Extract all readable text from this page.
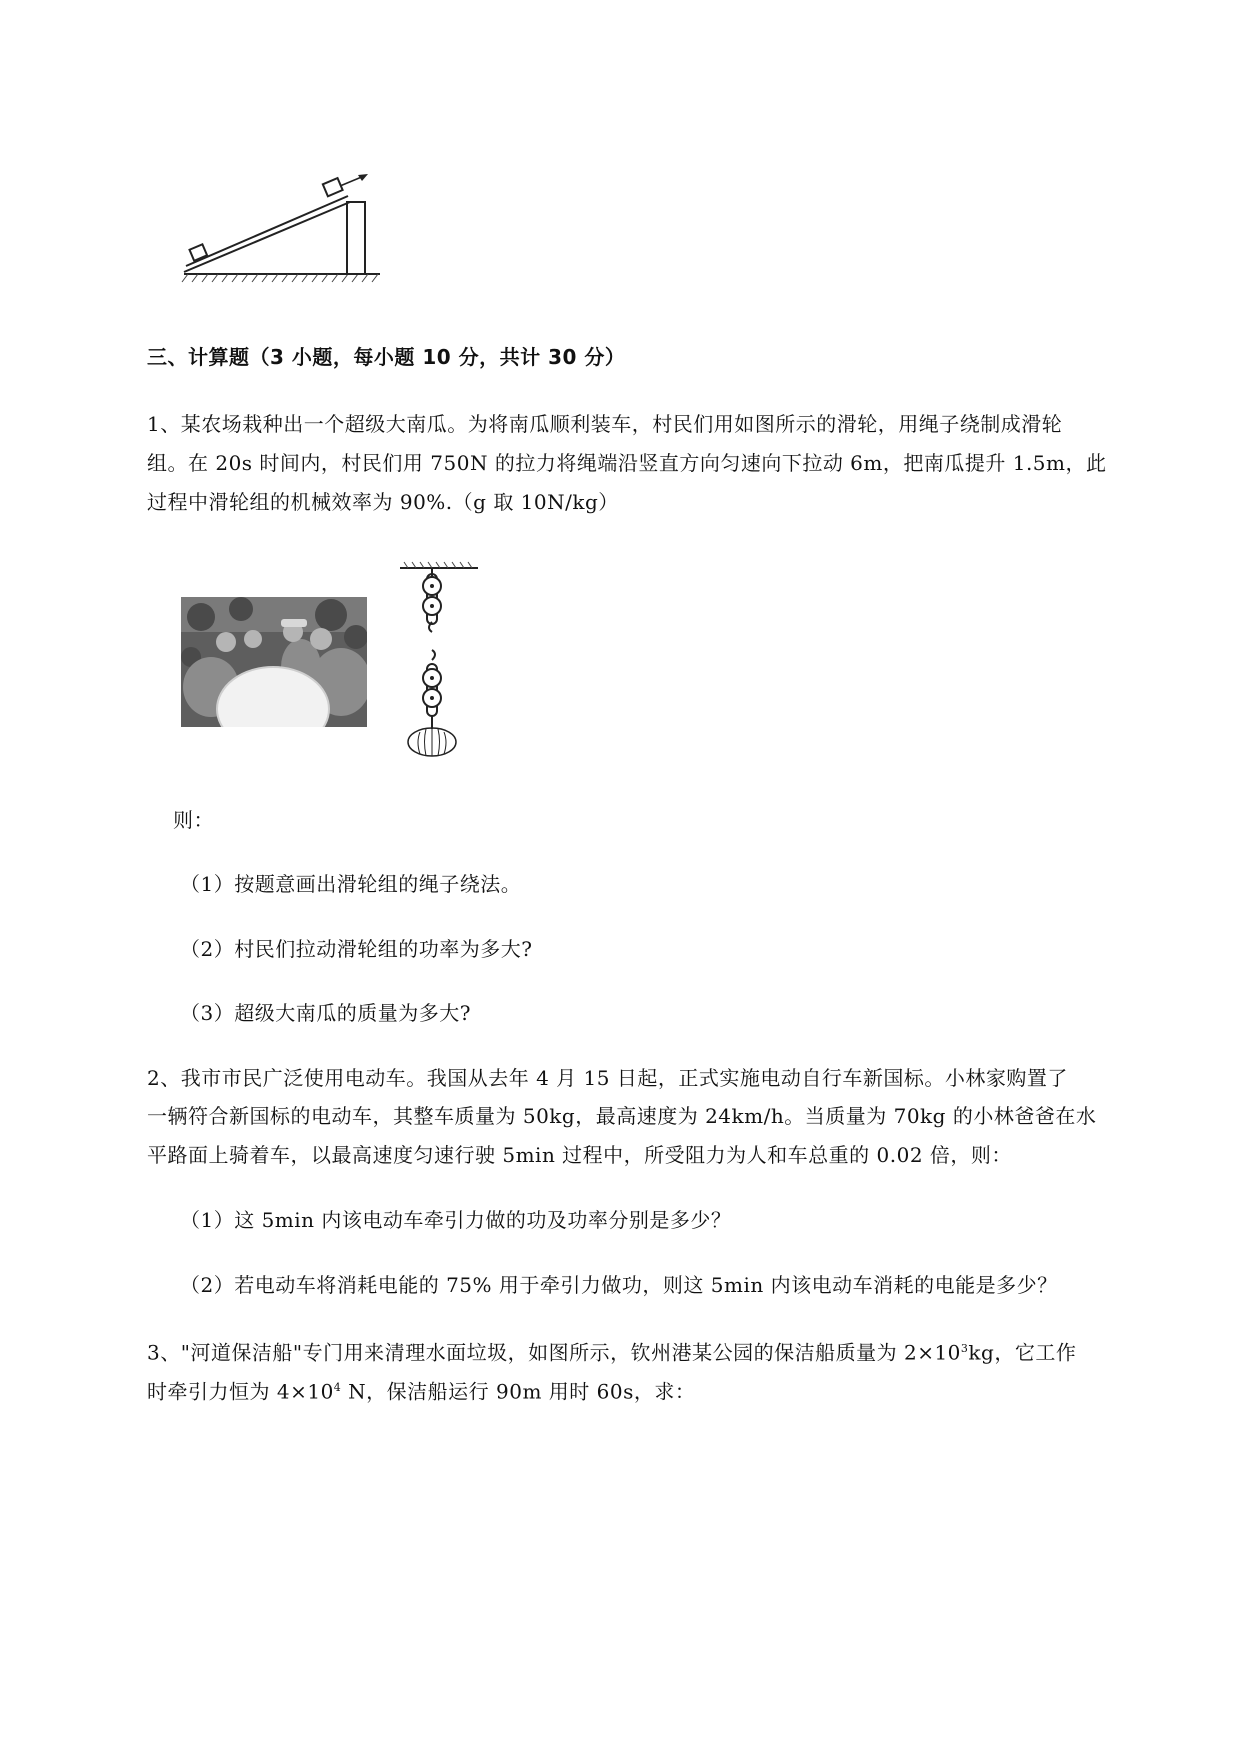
三、计算题（3 小题，每小题 10 分，共计 30 分）
1、某农场栽种出一个超级大南瓜。为将南瓜顺利装车，村民们用如图所示的滑轮，用绳子绕制成滑轮
组。在 20s 时间内，村民们用 750N 的拉力将绳端沿竖直方向匀速向下拉动 6m，把南瓜提升 1.5m，此
过程中滑轮组的机械效率为 90%.（g 取 10N/kg）
则：
（1）按题意画出滑轮组的绳子绕法。
（2）村民们拉动滑轮组的功率为多大?
（3）超级大南瓜的质量为多大?
2、我市市民广泛使用电动车。我国从去年 4 月 15 日起，正式实施电动自行车新国标。小林家购置了
一辆符合新国标的电动车，其整车质量为 50kg，最高速度为 24km/h。当质量为 70kg 的小林爸爸在水
平路面上骑着车，以最高速度匀速行驶 5min 过程中，所受阻力为人和车总重的 0.02 倍，则：
（1）这 5min 内该电动车牵引力做的功及功率分别是多少？
（2）若电动车将消耗电能的 75% 用于牵引力做功，则这 5min 内该电动车消耗的电能是多少？
3、"河道保洁船"专门用来清理水面垃圾，如图所示，钦州港某公园的保洁船质量为 $2\times 10^3kg$，它工作
时牵引力恒为 $4\times 10^4$ N，保洁船运行 90m 用时 60s，求：
